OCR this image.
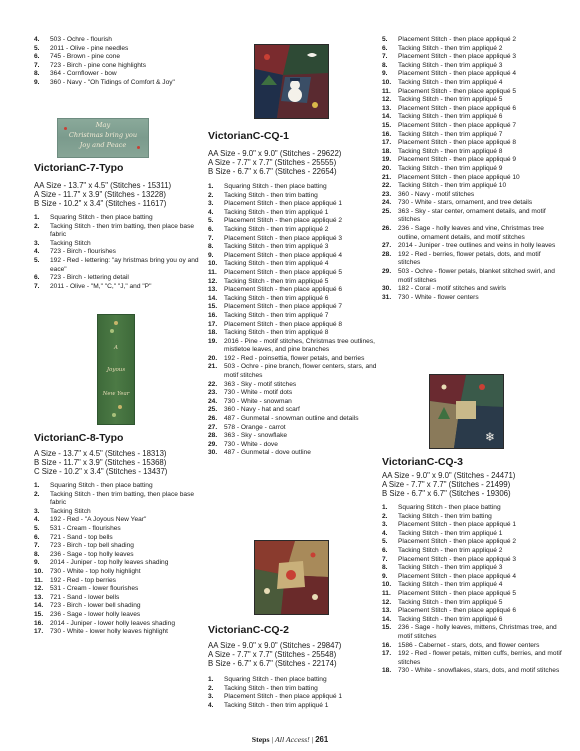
4. 503 - Ochre - flourish
5. 2011 - Olive - pine needles
6. 745 - Brown - pine cone
7. 723 - Birch - pine cone highlights
8. 364 - Cornflower - bow
9. 360 - Navy - "Oh Tidings of Comfort & Joy"
VictorianC-7-Typo
AA Size - 13.7" x 4.5" (Stitches - 15311)
A Size - 11.7" x 3.9" (Stitches - 13228)
B Size - 10.2" x 3.4" (Stitches - 11617)
1. Squaring Stitch - then place batting
2. Tacking Stitch - then trim batting, then place base fabric
3. Tacking Stitch
4. 723 - Birch - flourishes
5. 192 - Red - lettering: "ay hristmas bring you oy and eace"
6. 723 - Birch - lettering detail
7. 2011 - Olive - "M," "C," "J," and "P"
VictorianC-8-Typo
A Size - 13.7" x 4.5" (Stitches - 18313)
B Size - 11.7" x 3.9" (Stitches - 15368)
C Size - 10.2" x 3.4" (Stitches - 13437)
1. Squaring Stitch - then place batting
2. Tacking Stitch - then trim batting, then place base fabric
3. Tacking Stitch
4. 192 - Red - "A Joyous New Year"
5. 531 - Cream - flourishes
6. 721 - Sand - top bells
7. 723 - Birch - top bell shading
8. 236 - Sage - top holly leaves
9. 2014 - Juniper - top holly leaves shading
10. 730 - White - top holly highlight
11. 192 - Red - top berries
12. 531 - Cream - lower flourishes
13. 721 - Sand - lower bells
14. 723 - Birch - lower bell shading
15. 236 - Sage - lower holly leaves
16. 2014 - Juniper - lower holly leaves shading
17. 730 - White - lower holly leaves highlight
May
Christmas bring you
Joy and Peace
A
Joyous
New Year
VictorianC-CQ-1
AA Size - 9.0" x 9.0" (Stitches - 29622)
A Size - 7.7" x 7.7" (Stitches - 25555)
B Size - 6.7" x 6.7" (Stitches - 22654)
1. Squaring Stitch - then place batting
2. Tacking Stitch - then trim batting
3. Placement Stitch - then place appliqué 1
4. Tacking Stitch - then trim appliqué 1
5. Placement Stitch - then place appliqué 2
6. Tacking Stitch - then trim appliqué 2
7. Placement Stitch - then place appliqué 3
8. Tacking Stitch - then trim appliqué 3
9. Placement Stitch - then place appliqué 4
10. Tacking Stitch - then trim appliqué 4
11. Placement Stitch - then place appliqué 5
12. Tacking Stitch - then trim appliqué 5
13. Placement Stitch - then place appliqué 6
14. Tacking Stitch - then trim appliqué 6
15. Placement Stitch - then place appliqué 7
16. Tacking Stitch - then trim appliqué 7
17. Placement Stitch - then place appliqué 8
18. Tacking Stitch - then trim appliqué 8
19. 2016 - Pine - motif stitches, Christmas tree outlines, mistletoe leaves, and pine branches
20. 192 - Red - poinsettia, flower petals, and berries
21. 503 - Ochre - pine branch, flower centers, stars, and motif stitches
22. 363 - Sky - motif stitches
23. 730 - White - motif dots
24. 730 - White - snowman
25. 360 - Navy - hat and scarf
26. 487 - Gunmetal - snowman outline and details
27. 578 - Orange - carrot
28. 363 - Sky - snowflake
29. 730 - White - dove
30. 487 - Gunmetal - dove outline
VictorianC-CQ-2
AA Size - 9.0" x 9.0" (Stitches - 29847)
A Size - 7.7" x 7.7" (Stitches - 25548)
B Size - 6.7" x 6.7" (Stitches - 22174)
1. Squaring Stitch - then place batting
2. Tacking Stitch - then trim batting
3. Placement Stitch - then place appliqué 1
4. Tacking Stitch - then trim appliqué 1
❄
5. Placement Stitch - then place appliqué 2
6. Tacking Stitch - then trim appliqué 2
7. Placement Stitch - then place appliqué 3
8. Tacking Stitch - then trim appliqué 3
9. Placement Stitch - then place appliqué 4
10. Tacking Stitch - then trim appliqué 4
11. Placement Stitch - then place appliqué 5
12. Tacking Stitch - then trim appliqué 5
13. Placement Stitch - then place appliqué 6
14. Tacking Stitch - then trim appliqué 6
15. Placement Stitch - then place appliqué 7
16. Tacking Stitch - then trim appliqué 7
17. Placement Stitch - then place appliqué 8
18. Tacking Stitch - then trim appliqué 8
19. Placement Stitch - then place appliqué 9
20. Tacking Stitch - then trim appliqué 9
21. Placement Stitch - then place appliqué 10
22. Tacking Stitch - then trim appliqué 10
23. 360 - Navy - motif stitches
24. 730 - White - stars, ornament, and tree details
25. 363 - Sky - star center, ornament details, and motif stitches
26. 236 - Sage - holly leaves and vine, Christmas tree outline, ornament details, and motif stitches
27. 2014 - Juniper - tree outlines and veins in holly leaves
28. 192 - Red - berries, flower petals, dots, and motif stitches
29. 503 - Ochre - flower petals, blanket stitched swirl, and motif stitches
30. 182 - Coral - motif stitches and swirls
31. 730 - White - flower centers
VictorianC-CQ-3
AA Size - 9.0" x 9.0" (Stitches - 24471)
A Size - 7.7" x 7.7" (Stitches - 21499)
B Size - 6.7" x 6.7" (Stitches - 19306)
1. Squaring Stitch - then place batting
2. Tacking Stitch - then trim batting
3. Placement Stitch - then place appliqué 1
4. Tacking Stitch - then trim appliqué 1
5. Placement Stitch - then place appliqué 2
6. Tacking Stitch - then trim appliqué 2
7. Placement Stitch - then place appliqué 3
8. Tacking Stitch - then trim appliqué 3
9. Placement Stitch - then place appliqué 4
10. Tacking Stitch - then trim appliqué 4
11. Placement Stitch - then place appliqué 5
12. Tacking Stitch - then trim appliqué 5
13. Placement Stitch - then place appliqué 6
14. Tacking Stitch - then trim appliqué 6
15. 236 - Sage - holly leaves, mittens, Christmas tree, and motif stitches
16. 1586 - Cabernet - stars, dots, and flower centers
17. 192 - Red - flower petals, mitten cuffs, berries, and motif stitches
18. 730 - White - snowflakes, stars, dots, and motif stitches
Steps | All Access! | 261
